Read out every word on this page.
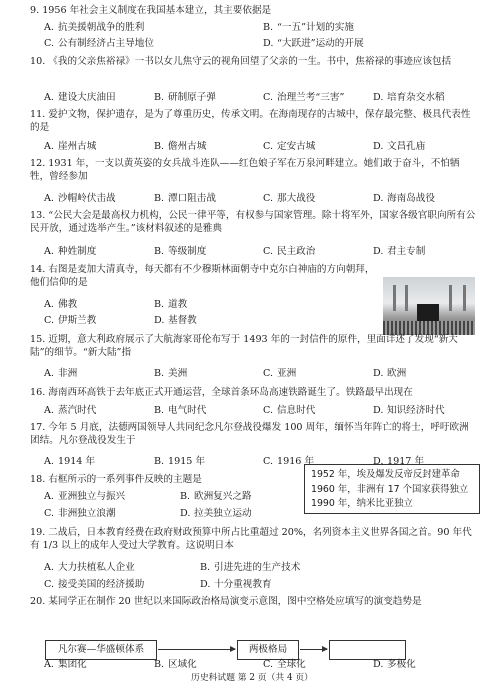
9. 1956 年社会主义制度在我国基本建立，其主要依据是

A. 抗美援朝战争的胜利	B. “一五”计划的实施
C. 公有制经济占主导地位	D. “大跃进”运动的开展

10. 《我的父亲焦裕禄》一书以女儿焦守云的视角回望了父亲的一生。书中，焦裕禄的事迹应该包括

A. 建设大庆油田	B. 研制原子弹	C. 治理兰考“三害”	D. 培育杂交水稻

11. 爱护文物，保护遗存，是为了尊重历史，传承文明。在海南现存的古城中，保存最完整、极具代表性的是

A. 崖州古城	B. 儋州古城	C. 定安古城	D. 文昌孔庙

12. 1931 年，一支以黄英姿的女兵战斗连队——红色娘子军在万泉河畔建立。她们敢于奋斗，不怕牺牲，曾经参加

A. 沙帽岭伏击战	B. 潭口阻击战	C. 那大战役	D. 海南岛战役

13. “公民大会是最高权力机构，公民一律平等，有权参与国家管理。除十将军外，国家各级官职向所有公民开放，通过选举产生。”该材料叙述的是雅典

A. 种姓制度	B. 等级制度	C. 民主政治	D. 君主专制

14. 右图是麦加大清真寺，每天都有不少穆斯林面朝寺中克尔白神庙的方向朝拜，他们信仰的是

A. 佛教	B. 道教
C. 伊斯兰教	D. 基督教

15. 近期，意大利政府展示了大航海家哥伦布写于 1493 年的一封信件的原件，里面详述了发现“新大陆”的细节。“新大陆”指

A. 非洲	B. 美洲	C. 亚洲	D. 欧洲

16. 海南西环高铁于去年底正式开通运营，全球首条环岛高速铁路诞生了。铁路最早出现在

A. 蒸汽时代	B. 电气时代	C. 信息时代	D. 知识经济时代

17. 今年 5 月底，法德两国领导人共同纪念凡尔登战役爆发 100 周年，缅怀当年阵亡的将士，呼吁欧洲团结。凡尔登战役发生于

A. 1914 年	B. 1915 年	C. 1916 年	D. 1917 年

18. 右框所示的一系列事件反映的主题是	1952 年，埃及爆发反帝反封建革命
1960 年，非洲有 17 个国家获得独立
1990 年，纳米比亚独立
A. 亚洲独立与振兴	B. 欧洲复兴之路
C. 非洲独立浪潮	D. 拉美独立运动

19. 二战后，日本教育经费在政府财政预算中所占比重超过 20%，名列资本主义世界各国之首。90 年代有 1/3 以上的成年人受过大学教育。这说明日本

A. 大力扶植私人企业	B. 引进先进的生产技术
C. 接受美国的经济援助	D. 十分重视教育

20. 某同学正在制作 20 世纪以来国际政治格局演变示意图，图中空格处应填写的演变趋势是

凡尔赛—华盛顿体系	两极格局
A. 集团化	B. 区域化	C. 全球化	D. 多极化
历史科试题 第 2 页（共 4 页）
